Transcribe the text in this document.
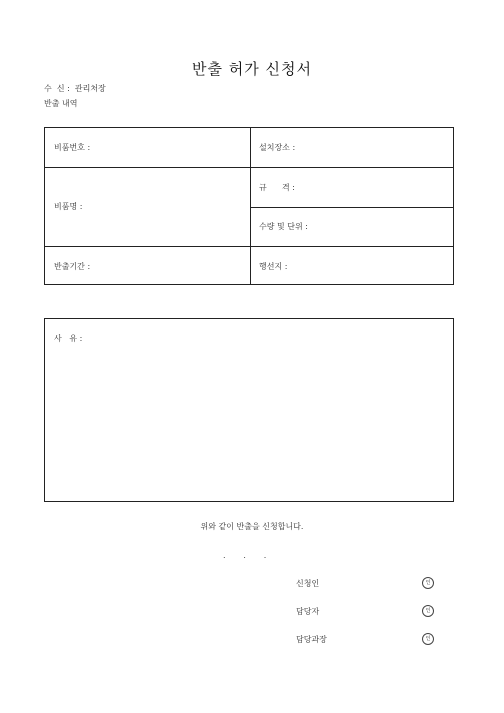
반출 허가 신청서
수  신 :  관리처장
반출 내역
비품번호 :	설치장소 :
비품명 :
규      격 :
수량 및 단위 :
반출기간 :	행선지 :
사   유 :
위와 같이 반출을 신청합니다.
.       .       .
신청인	인
담당자	인
담당과장	인
